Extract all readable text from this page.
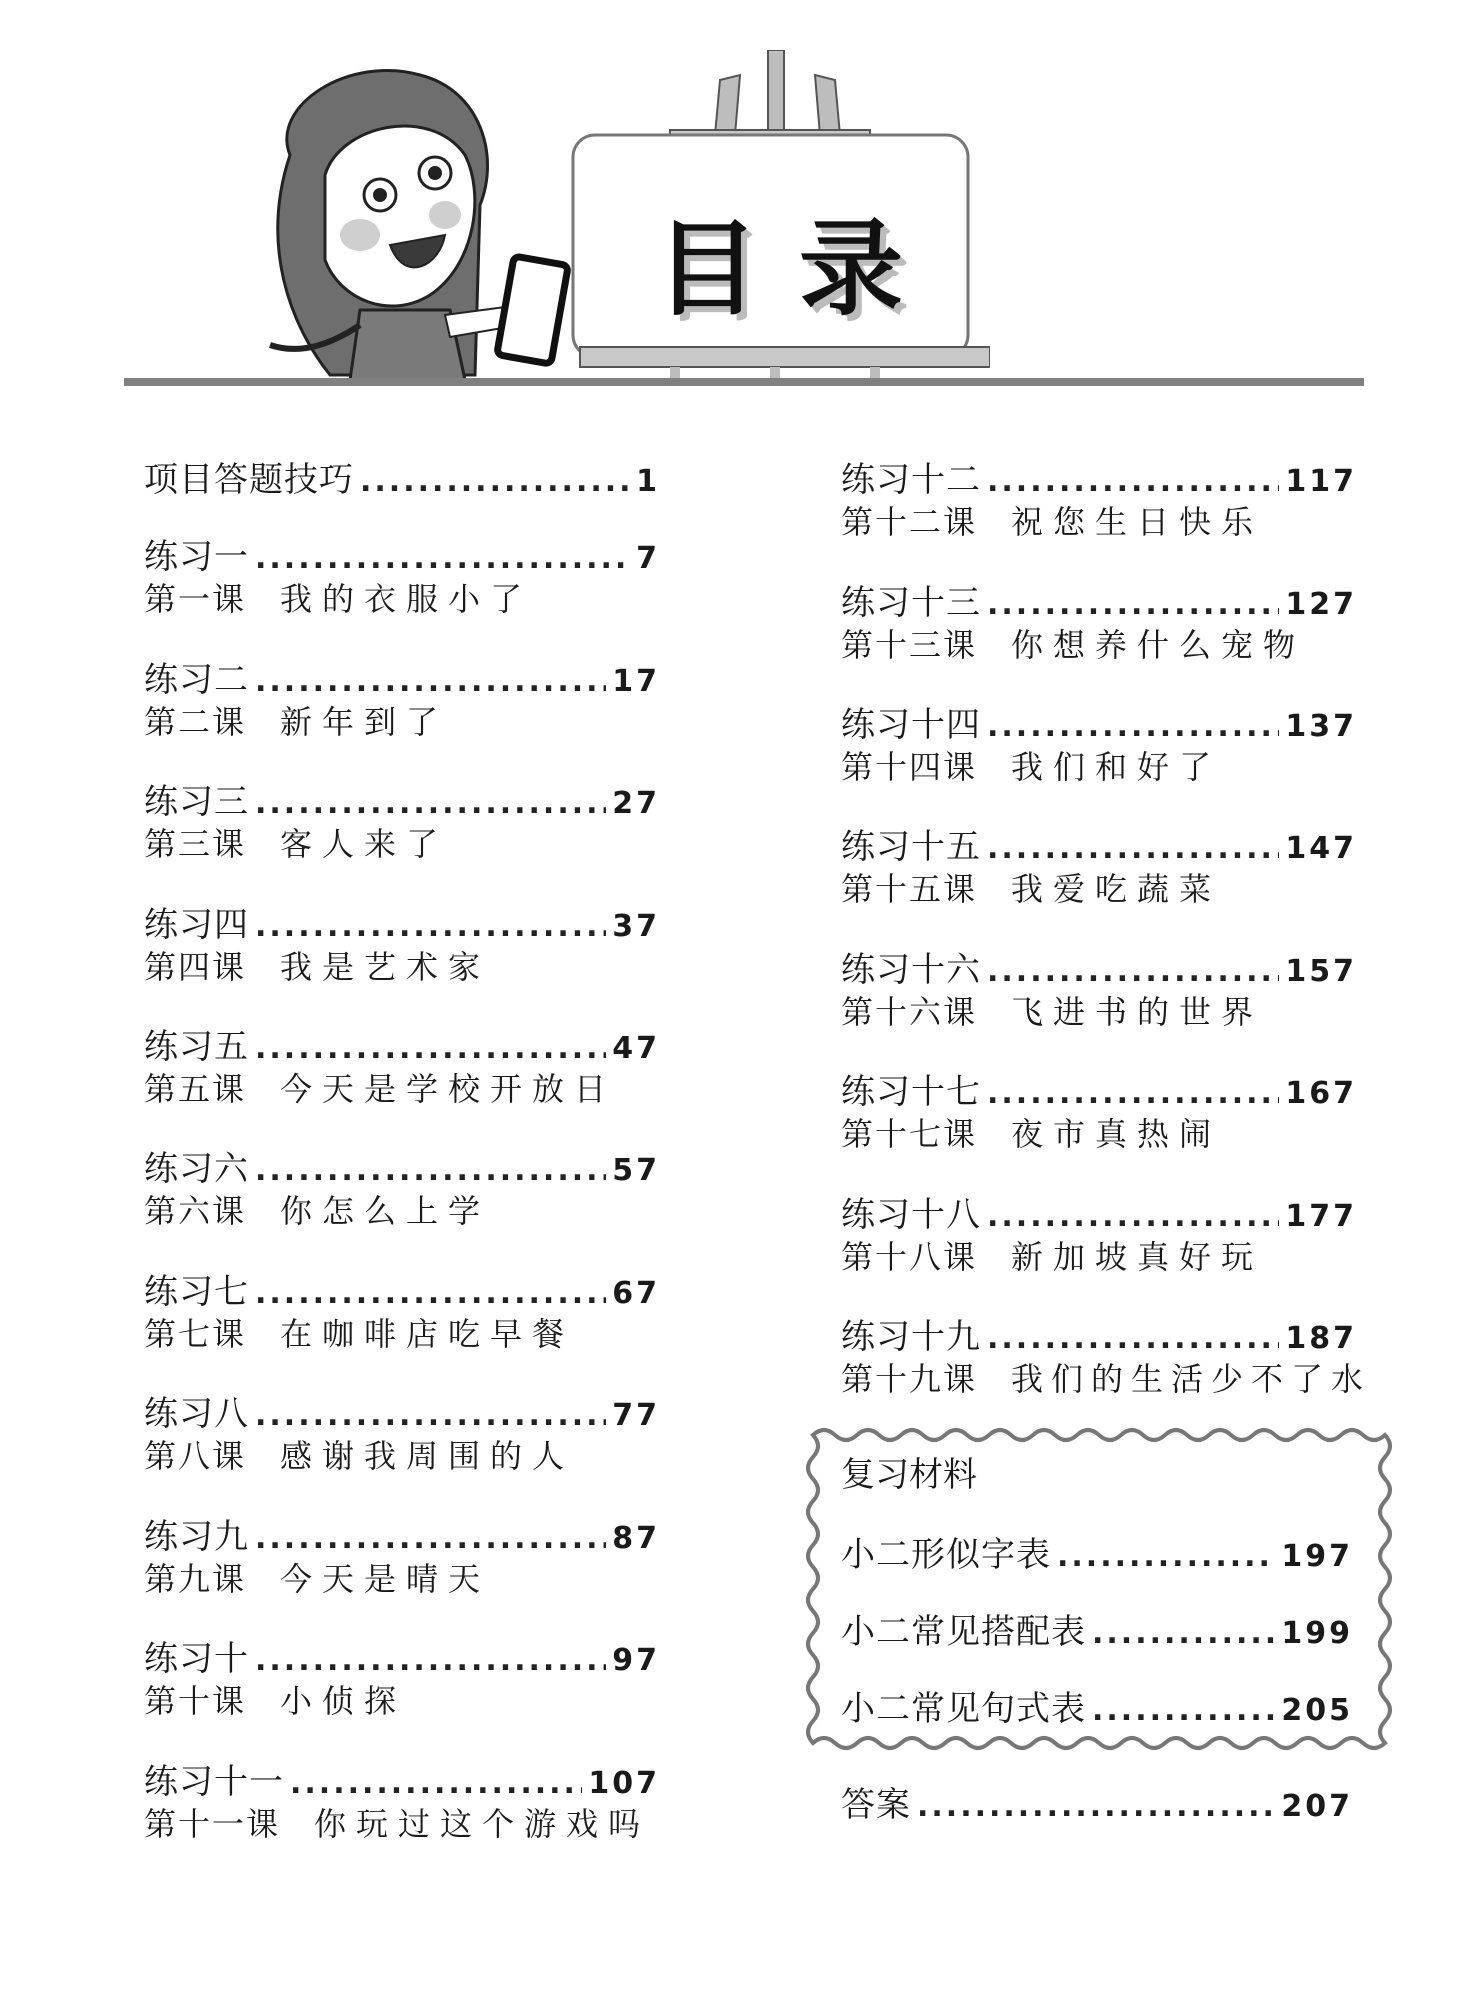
目录
项目答题技巧 .....	1
练习一 .....	7
第一课 我的衣服小了
练习二 .....	17
第二课 新年到了
练习三 .....	27
第三课 客人来了
练习四 .....	37
第四课 我是艺术家
练习五 .....	47
第五课 今天是学校开放日
练习六 .....	57
第六课 你怎么上学
练习七 .....	67
第七课 在咖啡店吃早餐
练习八 .....	77
第八课 感谢我周围的人
练习九 .....	87
第九课 今天是晴天
练习十 .....	97
第十课 小侦探
练习十一 .....	107
第十一课 你玩过这个游戏吗
练习十二 .....	117
第十二课 祝您生日快乐
练习十三 .....	127
第十三课 你想养什么宠物
练习十四 .....	137
第十四课 我们和好了
练习十五 .....	147
第十五课 我爱吃蔬菜
练习十六 .....	157
第十六课 飞进书的世界
练习十七 .....	167
第十七课 夜市真热闹
练习十八 .....	177
第十八课 新加坡真好玩
练习十九 .....	187
第十九课 我们的生活少不了水
复习材料
小二形似字表 .....	197
小二常见搭配表 .....	199
小二常见句式表 .....	205
答案 .....	207
